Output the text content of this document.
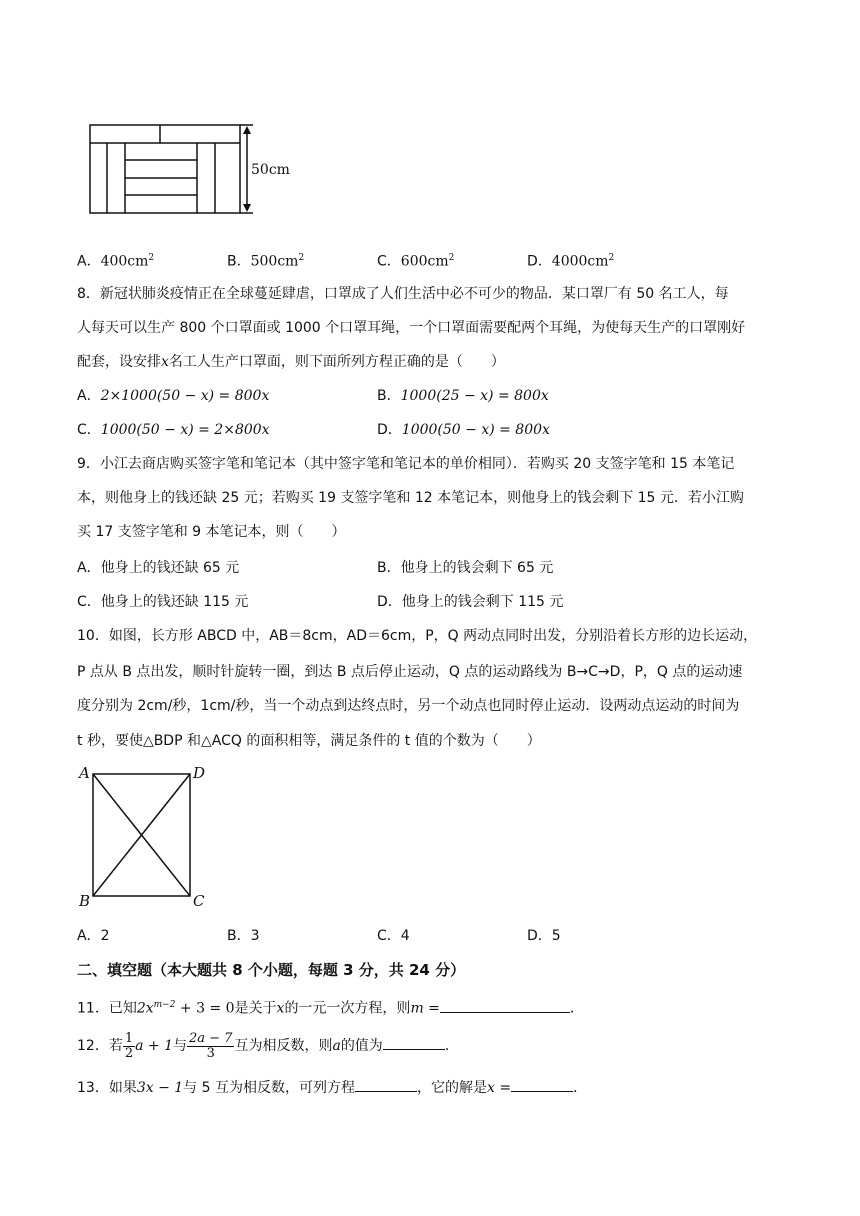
50cm
A．$400cm^2$	B．$500cm^2$	C．$600cm^2$	D．$4000cm^2$
8．新冠状肺炎疫情正在全球蔓延肆虐，口罩成了人们生活中必不可少的物品．某口罩厂有 50 名工人，每
人每天可以生产 800 个口罩面或 1000 个口罩耳绳，一个口罩面需要配两个耳绳，为使每天生产的口罩刚好
配套，设安排x名工人生产口罩面，则下面所列方程正确的是（　　）
A．2×1000(50 − x) = 800x	B．1000(25 − x) = 800x
C．1000(50 − x) = 2×800x	D．1000(50 − x) = 800x
9．小江去商店购买签字笔和笔记本（其中签字笔和笔记本的单价相同）．若购买 20 支签字笔和 15 本笔记
本，则他身上的钱还缺 25 元；若购买 19 支签字笔和 12 本笔记本，则他身上的钱会剩下 15 元．若小江购
买 17 支签字笔和 9 本笔记本，则（　　）
A．他身上的钱还缺 65 元	B．他身上的钱会剩下 65 元
C．他身上的钱还缺 115 元	D．他身上的钱会剩下 115 元
10．如图，长方形 ABCD 中，AB＝8cm，AD＝6cm，P，Q 两动点同时出发，分别沿着长方形的边长运动，
P 点从 B 点出发，顺时针旋转一圈，到达 B 点后停止运动，Q 点的运动路线为 B→C→D，P，Q 点的运动速
度分别为 2cm/秒，1cm/秒，当一个动点到达终点时，另一个动点也同时停止运动．设两动点运动的时间为
t 秒，要使△BDP 和△ACQ 的面积相等，满足条件的 t 值的个数为（　　）
A	D
B	C
A．2	B．3	C．4	D．5
二、填空题（本大题共 8 个小题，每题 3 分，共 24 分）
11．已知$2x^{m-2} + 3 = 0$是关于x的一元一次方程，则m =	．
12．若 $\frac{1}{2}$ a + 1与 $\frac{2a - 7}{3}$ 互为相反数，则a的值为	．
13．如果3x − 1与 5 互为相反数，可列方程	，它的解是x =	．
